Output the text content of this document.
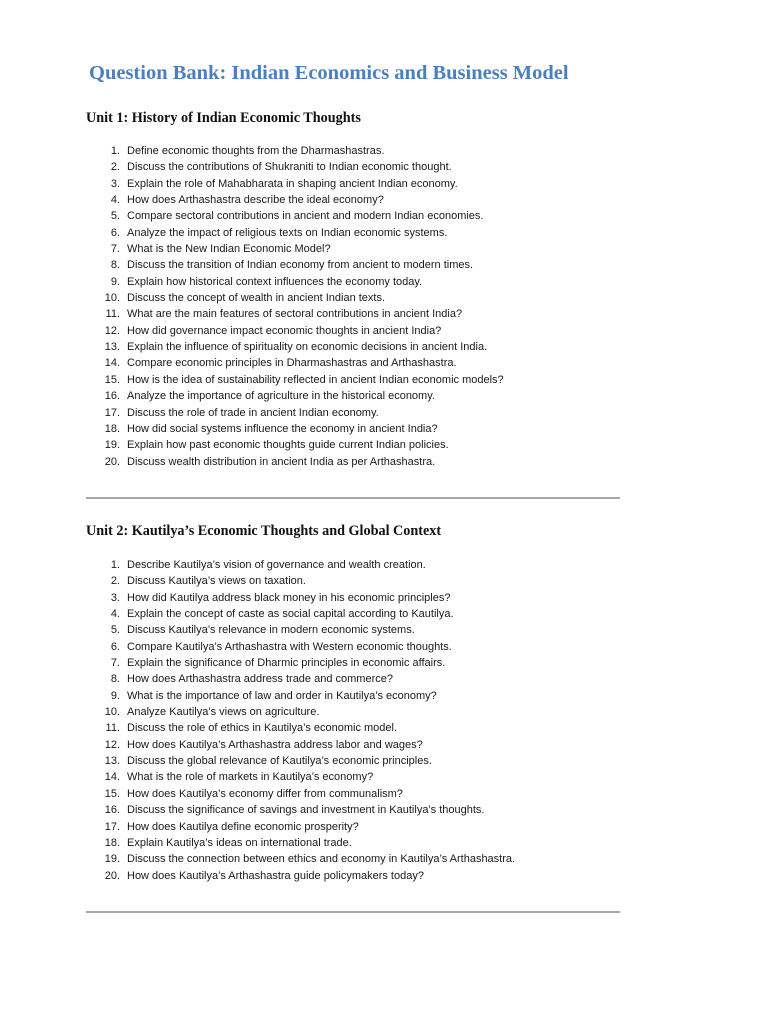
Question Bank: Indian Economics and Business Model
Unit 1: History of Indian Economic Thoughts
1. Define economic thoughts from the Dharmashastras.
2. Discuss the contributions of Shukraniti to Indian economic thought.
3. Explain the role of Mahabharata in shaping ancient Indian economy.
4. How does Arthashastra describe the ideal economy?
5. Compare sectoral contributions in ancient and modern Indian economies.
6. Analyze the impact of religious texts on Indian economic systems.
7. What is the New Indian Economic Model?
8. Discuss the transition of Indian economy from ancient to modern times.
9. Explain how historical context influences the economy today.
10. Discuss the concept of wealth in ancient Indian texts.
11. What are the main features of sectoral contributions in ancient India?
12. How did governance impact economic thoughts in ancient India?
13. Explain the influence of spirituality on economic decisions in ancient India.
14. Compare economic principles in Dharmashastras and Arthashastra.
15. How is the idea of sustainability reflected in ancient Indian economic models?
16. Analyze the importance of agriculture in the historical economy.
17. Discuss the role of trade in ancient Indian economy.
18. How did social systems influence the economy in ancient India?
19. Explain how past economic thoughts guide current Indian policies.
20. Discuss wealth distribution in ancient India as per Arthashastra.
Unit 2: Kautilya’s Economic Thoughts and Global Context
1. Describe Kautilya’s vision of governance and wealth creation.
2. Discuss Kautilya’s views on taxation.
3. How did Kautilya address black money in his economic principles?
4. Explain the concept of caste as social capital according to Kautilya.
5. Discuss Kautilya’s relevance in modern economic systems.
6. Compare Kautilya’s Arthashastra with Western economic thoughts.
7. Explain the significance of Dharmic principles in economic affairs.
8. How does Arthashastra address trade and commerce?
9. What is the importance of law and order in Kautilya’s economy?
10. Analyze Kautilya’s views on agriculture.
11. Discuss the role of ethics in Kautilya’s economic model.
12. How does Kautilya’s Arthashastra address labor and wages?
13. Discuss the global relevance of Kautilya’s economic principles.
14. What is the role of markets in Kautilya’s economy?
15. How does Kautilya’s economy differ from communalism?
16. Discuss the significance of savings and investment in Kautilya’s thoughts.
17. How does Kautilya define economic prosperity?
18. Explain Kautilya’s ideas on international trade.
19. Discuss the connection between ethics and economy in Kautilya’s Arthashastra.
20. How does Kautilya’s Arthashastra guide policymakers today?
